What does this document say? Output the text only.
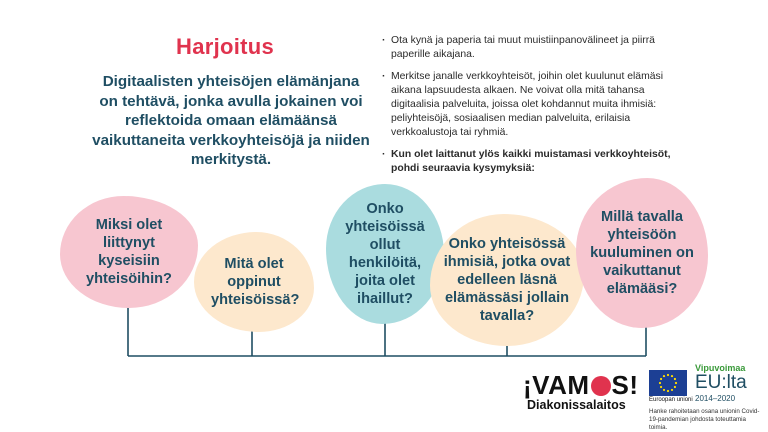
Harjoitus
Digitaalisten yhteisöjen elämänjana on tehtävä, jonka avulla jokainen voi reflektoida omaan elämäänsä vaikuttaneita verkkoyhteisöjä ja niiden merkitystä.
· Ota kynä ja paperia tai muut muistiinpanovälineet ja piirrä paperille aikajana.
· Merkitse janalle verkkoyhteisöt, joihin olet kuulunut elämäsi aikana lapsuudesta alkaen. Ne voivat olla mitä tahansa digitaalisia palveluita, joissa olet kohdannut muita ihmisiä: peliyhteisöjä, sosiaalisen median palveluita, erilaisia verkkoalustoja tai ryhmiä.
· Kun olet laittanut ylös kaikki muistamasi verkkoyhteisöt, pohdi seuraavia kysymyksiä:
Miksi olet liittynyt kyseisiin yhteisöihin?
Mitä olet oppinut yhteisöissä?
Onko yhteisöissä ollut henkilöitä, joita olet ihaillut?
Onko yhteisössä ihmisiä, jotka ovat edelleen läsnä elämässäsi jollain tavalla?
Millä tavalla yhteisöön kuuluminen on vaikuttanut elämääsi?
¡VAM S!
Diakonissalaitos	Euroopan unioni
Vipuvoimaa
EU:lta
2014–2020
Hanke rahoitetaan osana unionin Covid-19-pandemian johdosta toteuttamia toimia.
